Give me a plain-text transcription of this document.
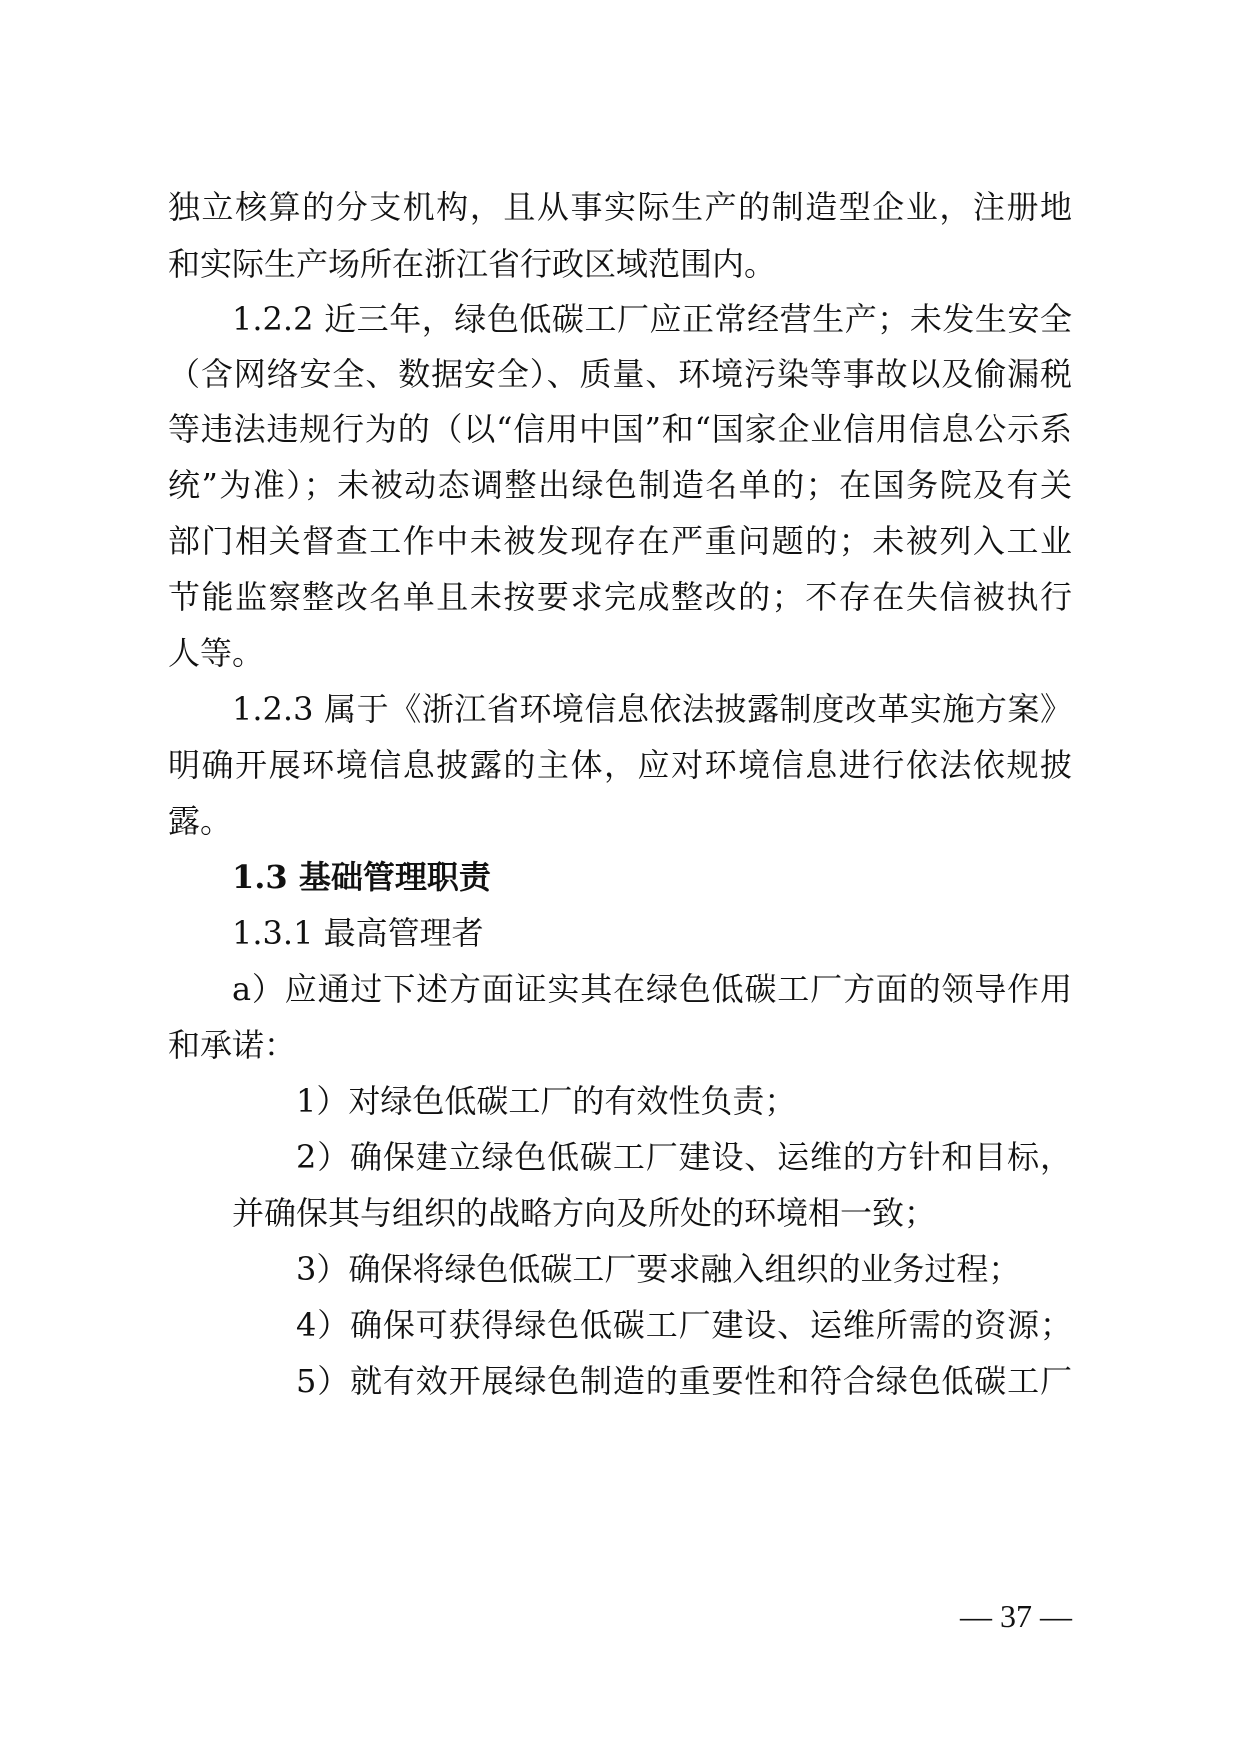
独立核算的分支机构，且从事实际生产的制造型企业，注册地
和实际生产场所在浙江省行政区域范围内。
1.2.2 近三年，绿色低碳工厂应正常经营生产；未发生安全
（含网络安全、数据安全）、质量、环境污染等事故以及偷漏税
等违法违规行为的（以“信用中国”和“国家企业信用信息公示系
统”为准）；未被动态调整出绿色制造名单的；在国务院及有关
部门相关督查工作中未被发现存在严重问题的；未被列入工业
节能监察整改名单且未按要求完成整改的；不存在失信被执行
人等。
1.2.3 属于《浙江省环境信息依法披露制度改革实施方案》
明确开展环境信息披露的主体，应对环境信息进行依法依规披
露。
1.3 基础管理职责
1.3.1 最高管理者
a）应通过下述方面证实其在绿色低碳工厂方面的领导作用
和承诺：
1）对绿色低碳工厂的有效性负责；
2）确保建立绿色低碳工厂建设、运维的方针和目标，
并确保其与组织的战略方向及所处的环境相一致；
3）确保将绿色低碳工厂要求融入组织的业务过程；
4）确保可获得绿色低碳工厂建设、运维所需的资源；
5）就有效开展绿色制造的重要性和符合绿色低碳工厂
— 37 —
